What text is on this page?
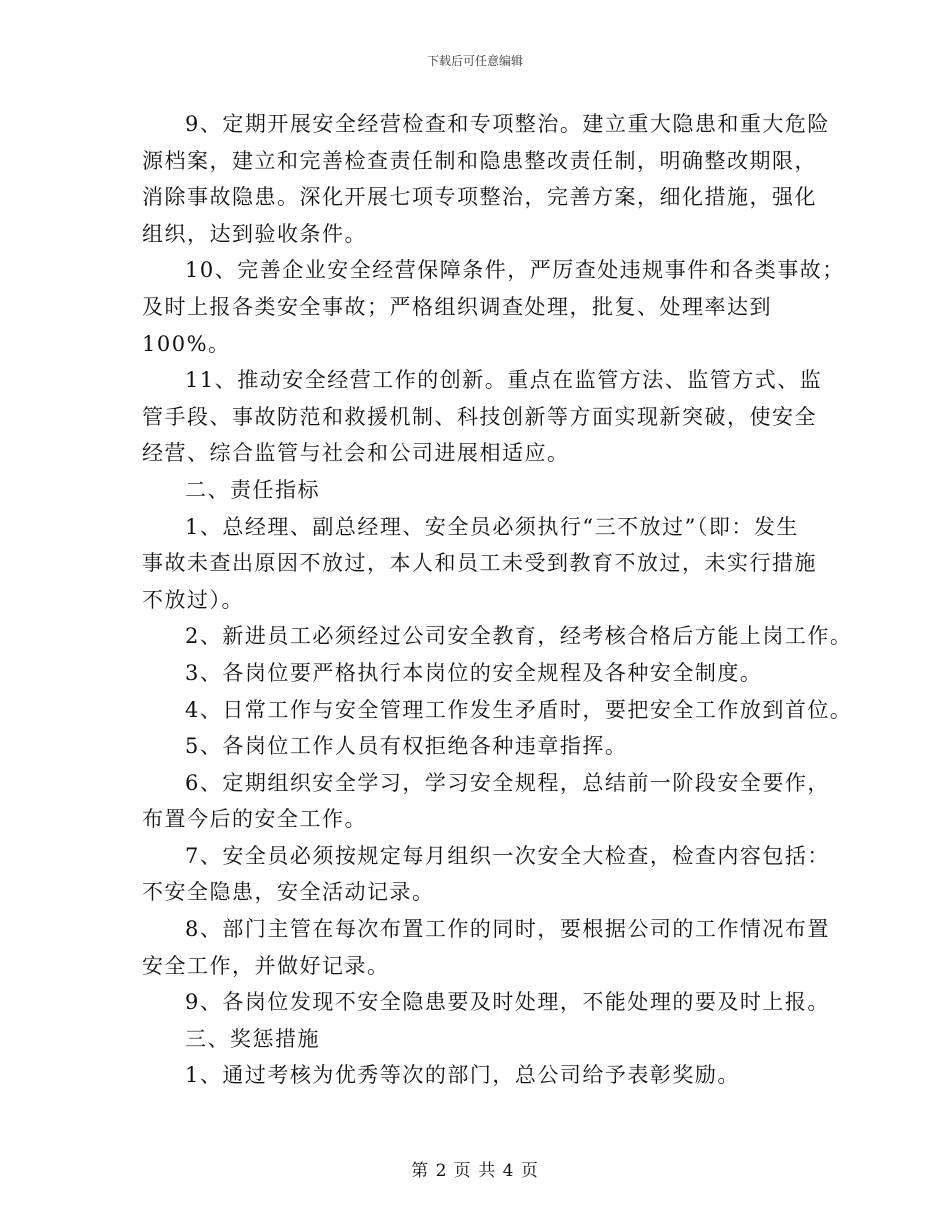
下载后可任意编辑
9、定期开展安全经营检查和专项整治。建立重大隐患和重大危险
源档案，建立和完善检查责任制和隐患整改责任制，明确整改期限，
消除事故隐患。深化开展七项专项整治，完善方案，细化措施，强化
组织，达到验收条件。
10、完善企业安全经营保障条件，严厉查处违规事件和各类事故；
及时上报各类安全事故；严格组织调查处理，批复、处理率达到
100%。
11、推动安全经营工作的创新。重点在监管方法、监管方式、监
管手段、事故防范和救援机制、科技创新等方面实现新突破，使安全
经营、综合监管与社会和公司进展相适应。
二、责任指标
1、总经理、副总经理、安全员必须执行“三不放过”（即：发生
事故未查出原因不放过，本人和员工未受到教育不放过，未实行措施
不放过）。
2、新进员工必须经过公司安全教育，经考核合格后方能上岗工作。
3、各岗位要严格执行本岗位的安全规程及各种安全制度。
4、日常工作与安全管理工作发生矛盾时，要把安全工作放到首位。
5、各岗位工作人员有权拒绝各种违章指挥。
6、定期组织安全学习，学习安全规程，总结前一阶段安全要作，
布置今后的安全工作。
7、安全员必须按规定每月组织一次安全大检查，检查内容包括：
不安全隐患，安全活动记录。
8、部门主管在每次布置工作的同时，要根据公司的工作情况布置
安全工作，并做好记录。
9、各岗位发现不安全隐患要及时处理，不能处理的要及时上报。
三、奖惩措施
1、通过考核为优秀等次的部门，总公司给予表彰奖励。
第 2 页 共 4 页
